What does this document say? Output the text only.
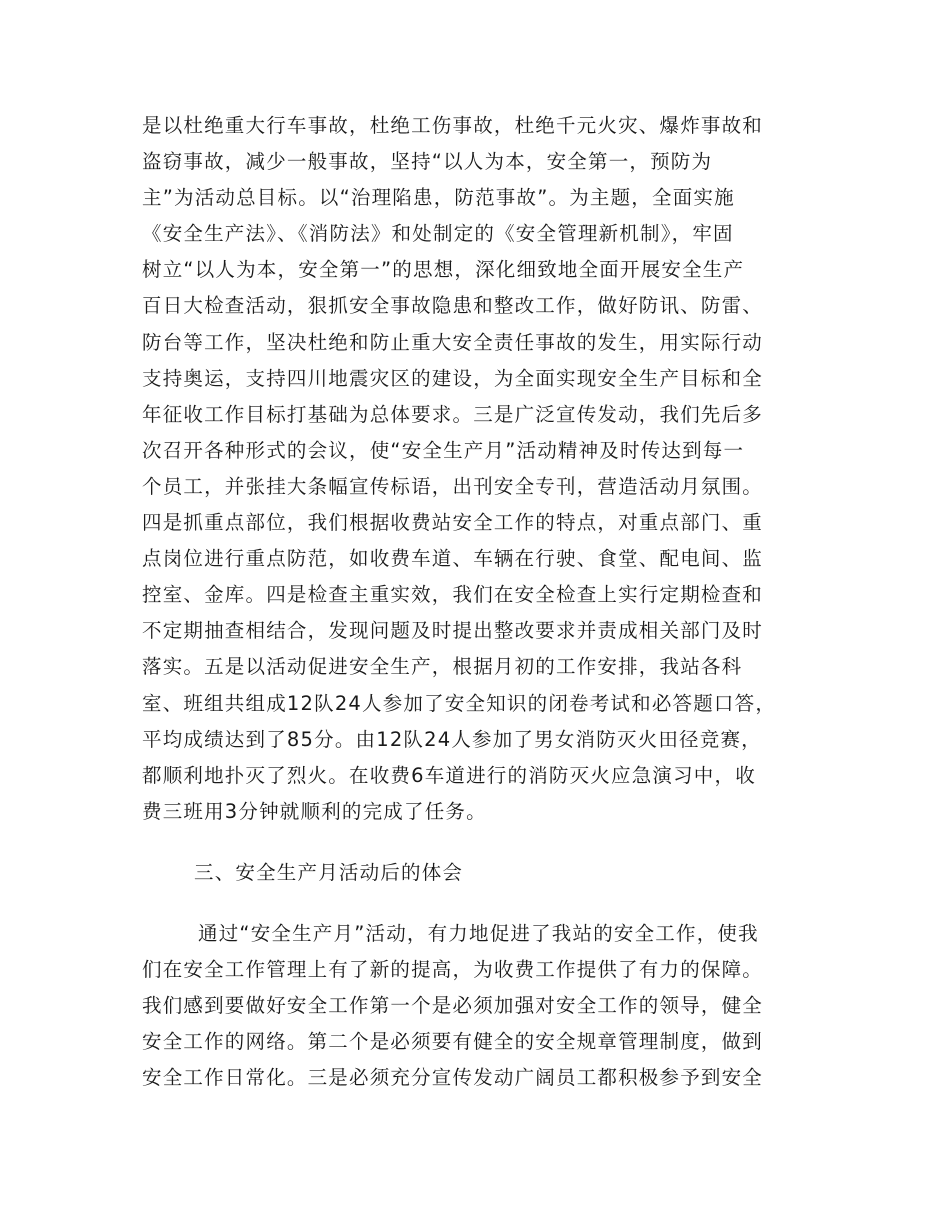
是以杜绝重大行车事故，杜绝工伤事故，杜绝千元火灾、爆炸事故和
盗窃事故，减少一般事故，坚持“以人为本，安全第一，预防为
主”为活动总目标。以“治理陷患，防范事故”。为主题，全面实施
《安全生产法》、《消防法》和处制定的《安全管理新机制》，牢固
树立“以人为本，安全第一”的思想，深化细致地全面开展安全生产
百日大检查活动，狠抓安全事故隐患和整改工作，做好防讯、防雷、
防台等工作，坚决杜绝和防止重大安全责任事故的发生，用实际行动
支持奥运，支持四川地震灾区的建设，为全面实现安全生产目标和全
年征收工作目标打基础为总体要求。三是广泛宣传发动，我们先后多
次召开各种形式的会议，使“安全生产月”活动精神及时传达到每一
个员工，并张挂大条幅宣传标语，出刊安全专刊，营造活动月氛围。
四是抓重点部位，我们根据收费站安全工作的特点，对重点部门、重
点岗位进行重点防范，如收费车道、车辆在行驶、食堂、配电间、监
控室、金库。四是检查主重实效，我们在安全检查上实行定期检查和
不定期抽查相结合，发现问题及时提出整改要求并责成相关部门及时
落实。五是以活动促进安全生产，根据月初的工作安排，我站各科
室、班组共组成12队24人参加了安全知识的闭卷考试和必答题口答，
平均成绩达到了85分。由12队24人参加了男女消防灭火田径竞赛，
都顺利地扑灭了烈火。在收费6车道进行的消防灭火应急演习中，收
费三班用3分钟就顺利的完成了任务。
三、安全生产月活动后的体会
通过“安全生产月”活动，有力地促进了我站的安全工作，使我
们在安全工作管理上有了新的提高，为收费工作提供了有力的保障。
我们感到要做好安全工作第一个是必须加强对安全工作的领导，健全
安全工作的网络。第二个是必须要有健全的安全规章管理制度，做到
安全工作日常化。三是必须充分宣传发动广阔员工都积极参予到安全
